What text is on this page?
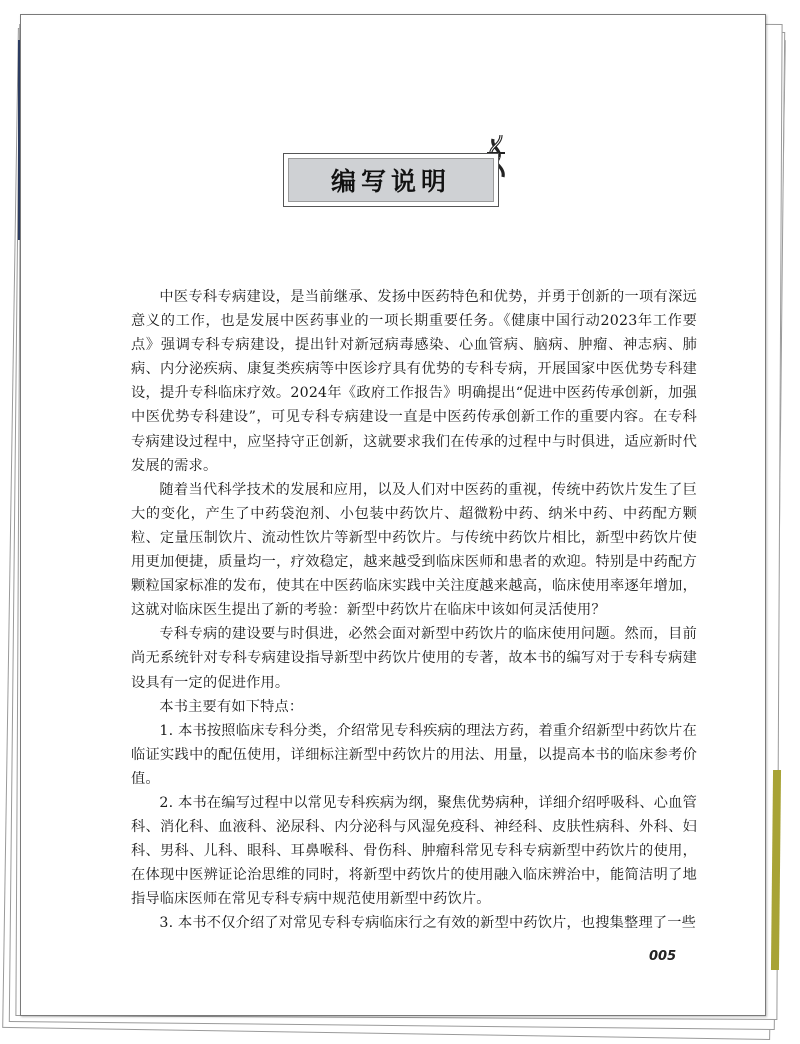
编写说明

中医专科专病建设，是当前继承、发扬中医药特色和优势，并勇于创新的一项有深远意义的工作，也是发展中医药事业的一项长期重要任务。《健康中国行动2023年工作要点》强调专科专病建设，提出针对新冠病毒感染、心血管病、脑病、肿瘤、神志病、肺病、内分泌疾病、康复类疾病等中医诊疗具有优势的专科专病，开展国家中医优势专科建设，提升专科临床疗效。2024年《政府工作报告》明确提出“促进中医药传承创新，加强中医优势专科建设”，可见专科专病建设一直是中医药传承创新工作的重要内容。在专科专病建设过程中，应坚持守正创新，这就要求我们在传承的过程中与时俱进，适应新时代发展的需求。

随着当代科学技术的发展和应用，以及人们对中医药的重视，传统中药饮片发生了巨大的变化，产生了中药袋泡剂、小包装中药饮片、超微粉中药、纳米中药、中药配方颗粒、定量压制饮片、流动性饮片等新型中药饮片。与传统中药饮片相比，新型中药饮片使用更加便捷，质量均一，疗效稳定，越来越受到临床医师和患者的欢迎。特别是中药配方颗粒国家标准的发布，使其在中医药临床实践中关注度越来越高，临床使用率逐年增加，这就对临床医生提出了新的考验：新型中药饮片在临床中该如何灵活使用？

专科专病的建设要与时俱进，必然会面对新型中药饮片的临床使用问题。然而，目前尚无系统针对专科专病建设指导新型中药饮片使用的专著，故本书的编写对于专科专病建设具有一定的促进作用。

本书主要有如下特点：

1. 本书按照临床专科分类，介绍常见专科疾病的理法方药，着重介绍新型中药饮片在临证实践中的配伍使用，详细标注新型中药饮片的用法、用量，以提高本书的临床参考价值。

2. 本书在编写过程中以常见专科疾病为纲，聚焦优势病种，详细介绍呼吸科、心血管科、消化科、血液科、泌尿科、内分泌科与风湿免疫科、神经科、皮肤性病科、外科、妇科、男科、儿科、眼科、耳鼻喉科、骨伤科、肿瘤科常见专科专病新型中药饮片的使用，在体现中医辨证论治思维的同时，将新型中药饮片的使用融入临床辨治中，能简洁明了地指导临床医师在常见专科专病中规范使用新型中药饮片。

3. 本书不仅介绍了对常见专科专病临床行之有效的新型中药饮片，也搜集整理了一些

005
